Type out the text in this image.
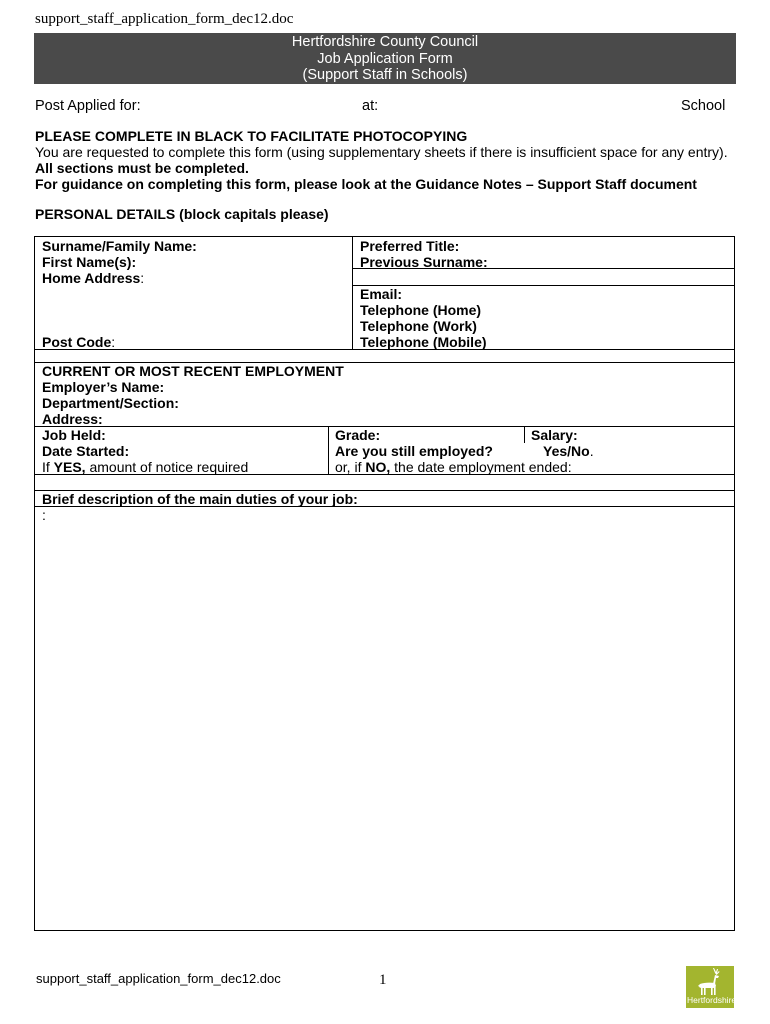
support_staff_application_form_dec12.doc
Hertfordshire County Council
Job Application Form
(Support Staff in Schools)
Post Applied for:	at:	School

PLEASE COMPLETE IN BLACK TO FACILITATE PHOTOCOPYING

You are requested to complete this form (using supplementary sheets if there is insufficient space for any entry). All sections must be completed.

For guidance on completing this form, please look at the Guidance Notes – Support Staff document

PERSONAL DETAILS (block capitals please)
Surname/Family Name:
First Name(s):
Home Address:
Post Code:
Preferred Title:
Previous Surname:
Email:
Telephone (Home)
Telephone (Work)
Telephone (Mobile)
CURRENT OR MOST RECENT EMPLOYMENT
Employer’s Name:
Department/Section:
Address:
Job Held:	Grade:	Salary:
Date Started:	Are you still employed?	Yes/No.
If YES, amount of notice required	or, if NO, the date employment ended:
Brief description of the main duties of your job:
:
support_staff_application_form_dec12.doc	1
Hertfordshire
